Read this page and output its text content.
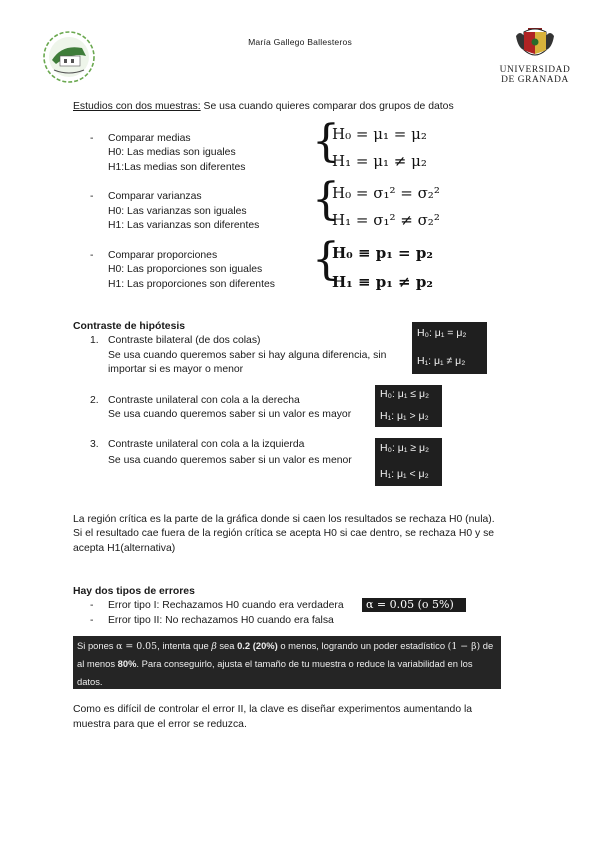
María Gallego Ballesteros
UNIVERSIDAD
DE GRANADA
Estudios con dos muestras: Se usa cuando quieres comparar dos grupos de datos
- Comparar medias
H0: Las medias son iguales
H1:Las medias son diferentes
{
H₀ = μ₁ = μ₂
H₁ = μ₁ ≠ μ₂
- Comparar varianzas
H0: Las varianzas son iguales
H1: Las varianzas son diferentes
{
H₀ = σ₁² = σ₂²
H₁ = σ₁² ≠ σ₂²
- Comparar proporciones
H0: Las proporciones son iguales
H1: Las proporciones son diferentes {
H₀ ≡ p₁ = p₂
H₁ ≡ p₁ ≠ p₂
Contraste de hipótesis
1. Contraste bilateral (de dos colas)
Se usa cuando queremos saber si hay alguna diferencia, sin
importar si es mayor o menor
H₀: μ₁ = μ₂
H₁: μ₁ ≠ μ₂
2. Contraste unilateral con cola a la derecha
Se usa cuando queremos saber si un valor es mayor
H₀: μ₁ ≤ μ₂
H₁: μ₁ > μ₂
3. Contraste unilateral con cola a la izquierda
Se usa cuando queremos saber si un valor es menor
H₀: μ₁ ≥ μ₂
H₁: μ₁ < μ₂
La región crítica es la parte de la gráfica donde si caen los resultados se rechaza H0 (nula).
Si el resultado cae fuera de la región crítica se acepta H0 si cae dentro, se rechaza H0 y se
acepta H1(alternativa)
Hay dos tipos de errores
- Error tipo I: Rechazamos H0 cuando era verdadera	α = 0.05 (o 5%)
- Error tipo II: No rechazamos H0 cuando era falsa
Si pones α = 0.05, intenta que β sea 0.2 (20%) o menos, logrando un poder estadístico (1 − β) de
al menos 80%. Para conseguirlo, ajusta el tamaño de tu muestra o reduce la variabilidad en los
datos.
Como es difícil de controlar el error II, la clave es diseñar experimentos aumentando la
muestra para que el error se reduzca.
